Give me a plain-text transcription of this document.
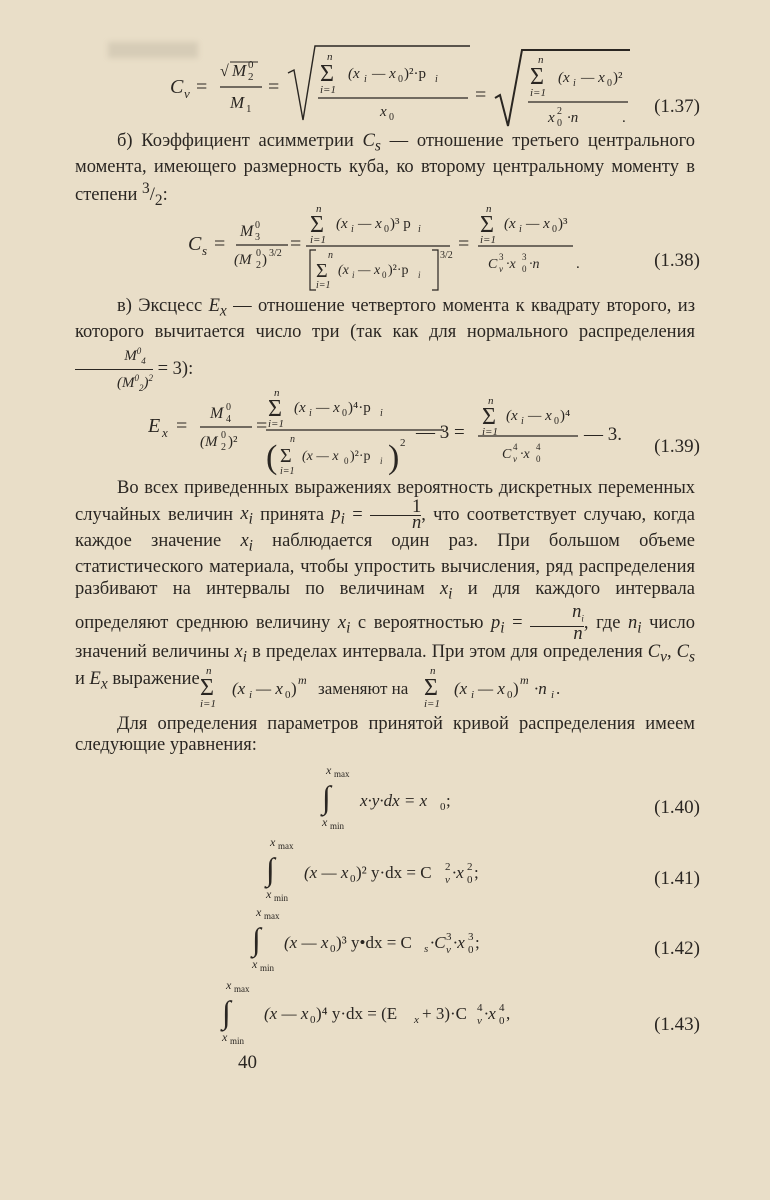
C v =
√ M 0
2
M 1
=
n
Σ
i=1
(x i — x 0 )²·p i
x 0
=
n
Σ
i=1
(x i — x 0 )²
x 2
0 ·n	.
(1.37)
б) Коэффициент асимметрии $C_s$ — отношение третьего центрального момента, имеющего размерность куба, ко второму центральному моменту в степени $^3/_2$:
C s =
M 0
3
(M 0
2 ) 3/2 =
n
Σ
i=1
(x i — x 0 )³ p i
n
Σ
i=1
(x i — x 0 )²·p i
3/2
=
n
Σ
i=1
(x i — x 0 )³
C 3
v ·x 3
0 ·n .	(1.38)
в) Эксцесс $E_x$ — отношение четвертого момента к квадрату второго, из которого вычитается число три (так как для нормального распределения
$\frac{M^0_4}{(M^0_2)^2} = 3$):
E x =
M 0
4
(M 0
2 )²
=
n
Σ
i=1
(x i — x 0 )⁴·p i
( n
Σ
i=1
(x — x 0 )²·p i ) 2 — 3 =
n
Σ
i=1
(x i — x 0 )⁴
C 4
v ·x 4
0
— 3.
(1.39)
Во всех приведенных выражениях вероятность дискретных переменных случайных величин $x_i$ принята $p_i = \frac{1}{n}$ , что соответствует случаю, когда каждое значение $x_i$ наблюдается один раз. При большом объеме статистического материала, чтобы упростить вычисления, ряд распределения разбивают на интервалы по величинам $x_i$ и для каждого интервала определяют среднюю величину $x_i$ с вероятностью $p_i = \frac{n_i}{n}$ , где $n_i$ число значений величины $x_i$ в пределах интервала. При этом для определения $C_v$, $C_s$ и $E_x$ выражение n
Σ
i=1
(x i — x 0 ) m заменяют на
n
Σ
i=1
(x i — x 0 ) m ·n i .
Для определения параметров принятой кривой распределения имеем следующие уравнения:
x max
∫
x min
x·y·dx = x 0 ;	(1.40)
x max
∫
x min
(x — x 0 )² y·dx = C 2
v ·x 2
0 ;	(1.41)
x max
∫
x min
(x — x 0 )³ y•dx = C s ·C 3
v ·x 3
0 ;	(1.42)
x max
∫
x min
(x — x 0 )⁴ y·dx = (E x + 3)·C 4
v ·x 4
0 ,
(1.43)
40
